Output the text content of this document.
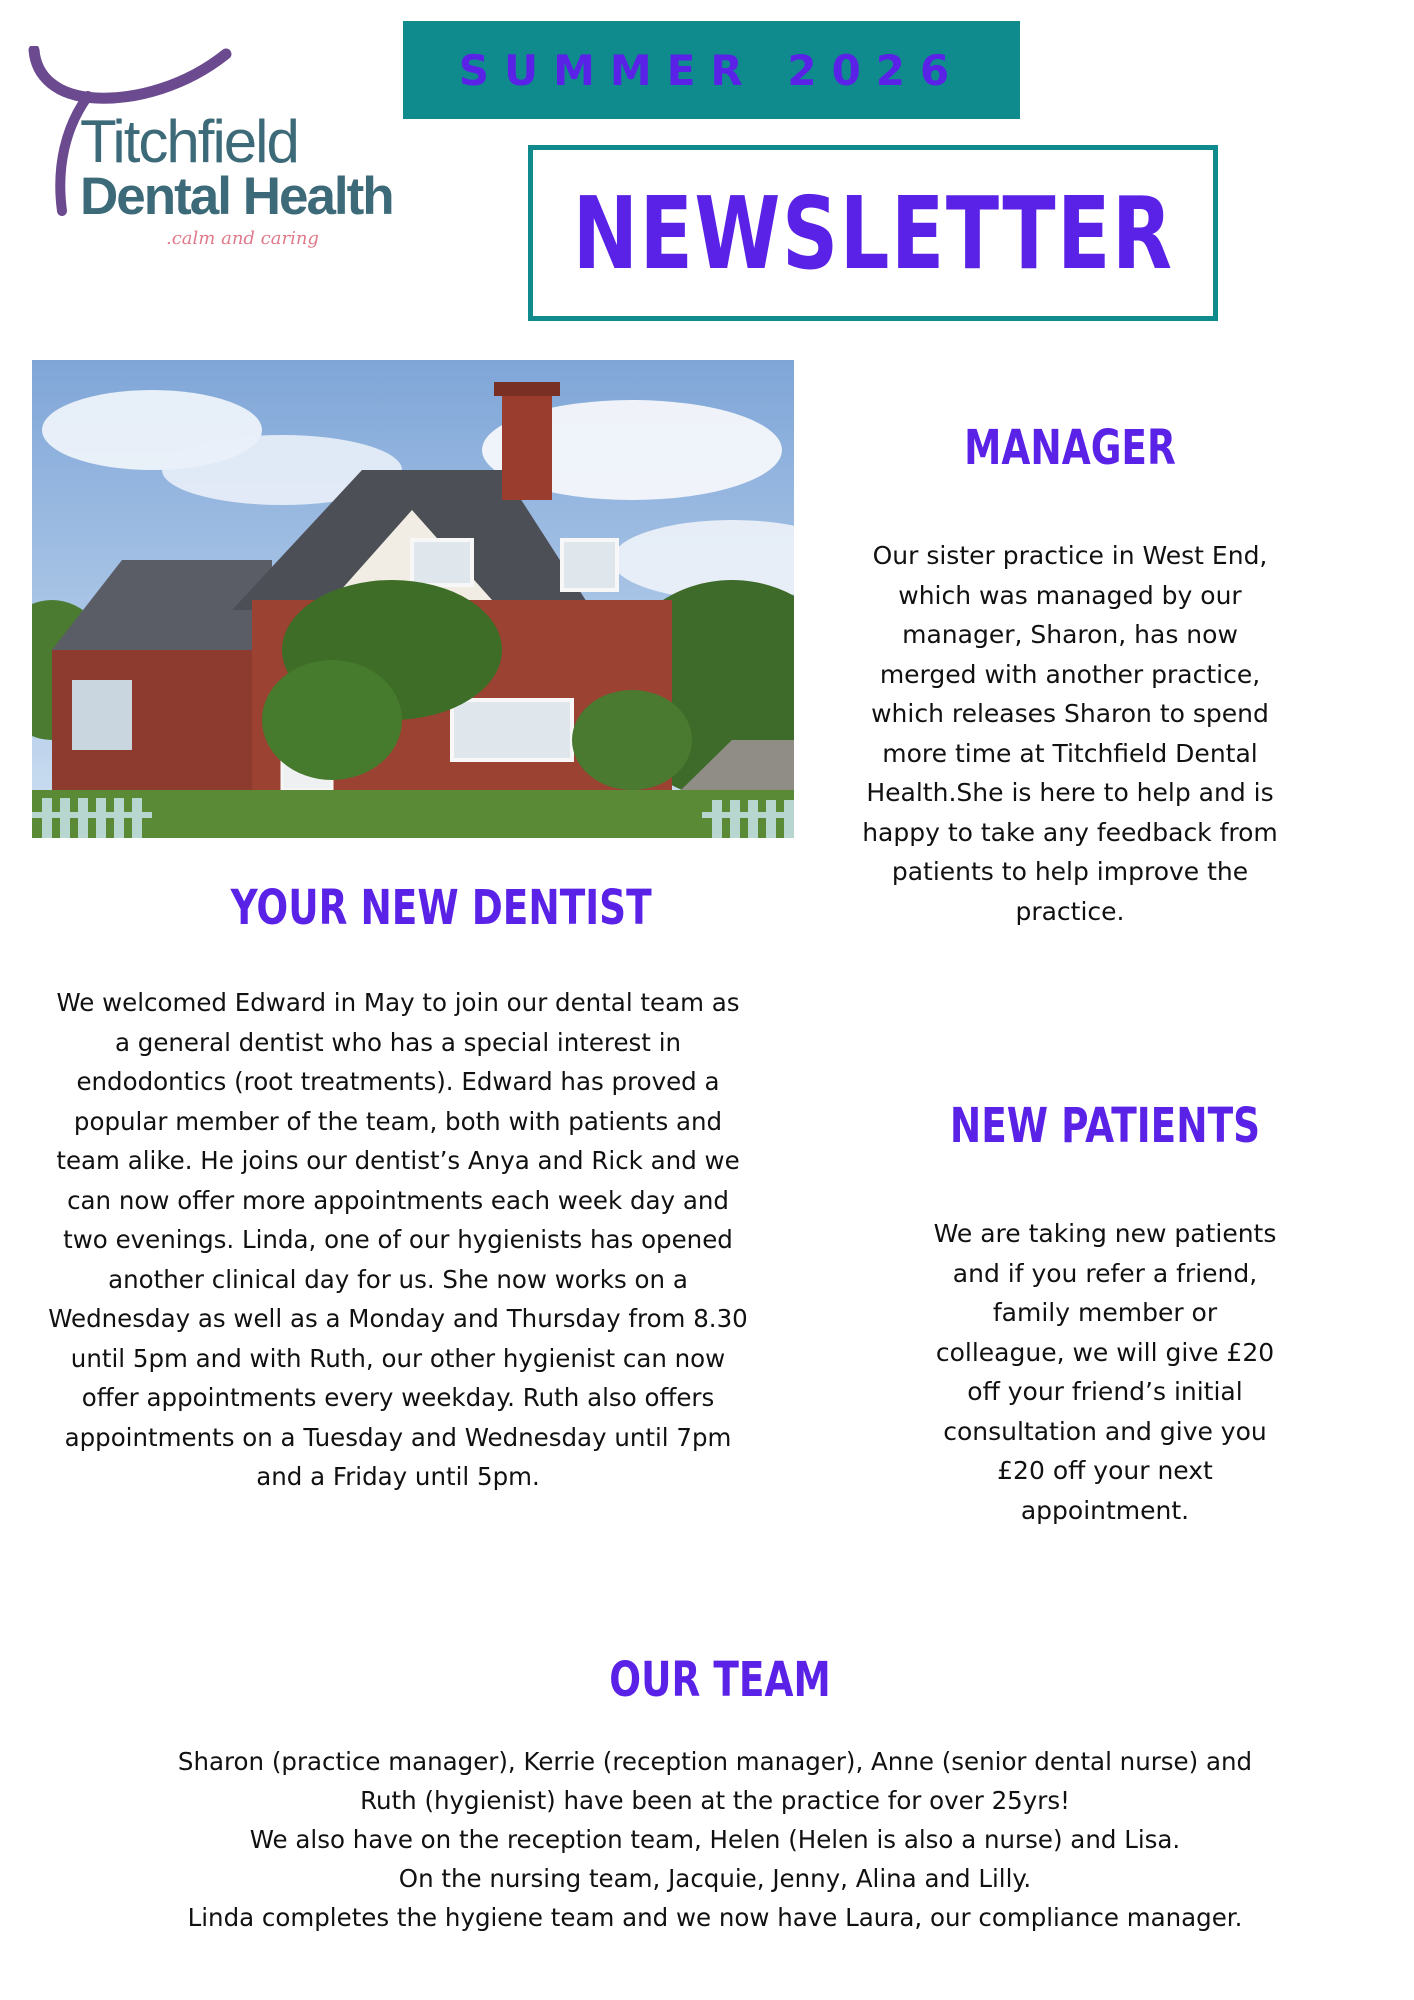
Titchfield
Dental Health
.calm and caring
SUMMER 2026
NEWSLETTER
YOUR NEW DENTIST
We welcomed Edward in May to join our dental team as a general dentist who has a special interest in endodontics (root treatments). Edward has proved a popular member of the team, both with patients and team alike. He joins our dentist’s Anya and Rick and we can now offer more appointments each week day and two evenings. Linda, one of our hygienists has opened another clinical day for us. She now works on a Wednesday as well as a Monday and Thursday from 8.30 until 5pm and with Ruth, our other hygienist can now offer appointments every weekday. Ruth also offers appointments on a Tuesday and Wednesday until 7pm and a Friday until 5pm.
MANAGER
Our sister practice in West End, which was managed by our manager, Sharon, has now merged with another practice, which releases Sharon to spend more time at Titchfield Dental Health.She is here to help and is happy to take any feedback from patients to help improve the practice.
NEW PATIENTS
We are taking new patients and if you refer a friend, family member or colleague, we will give £20 off your friend’s initial consultation and give you £20 off your next appointment.
OUR TEAM
Sharon (practice manager), Kerrie (reception manager), Anne (senior dental nurse) and
Ruth (hygienist) have been at the practice for over 25yrs!
We also have on the reception team, Helen (Helen is also a nurse) and Lisa.
On the nursing team, Jacquie, Jenny, Alina and Lilly.
Linda completes the hygiene team and we now have Laura, our compliance manager.
